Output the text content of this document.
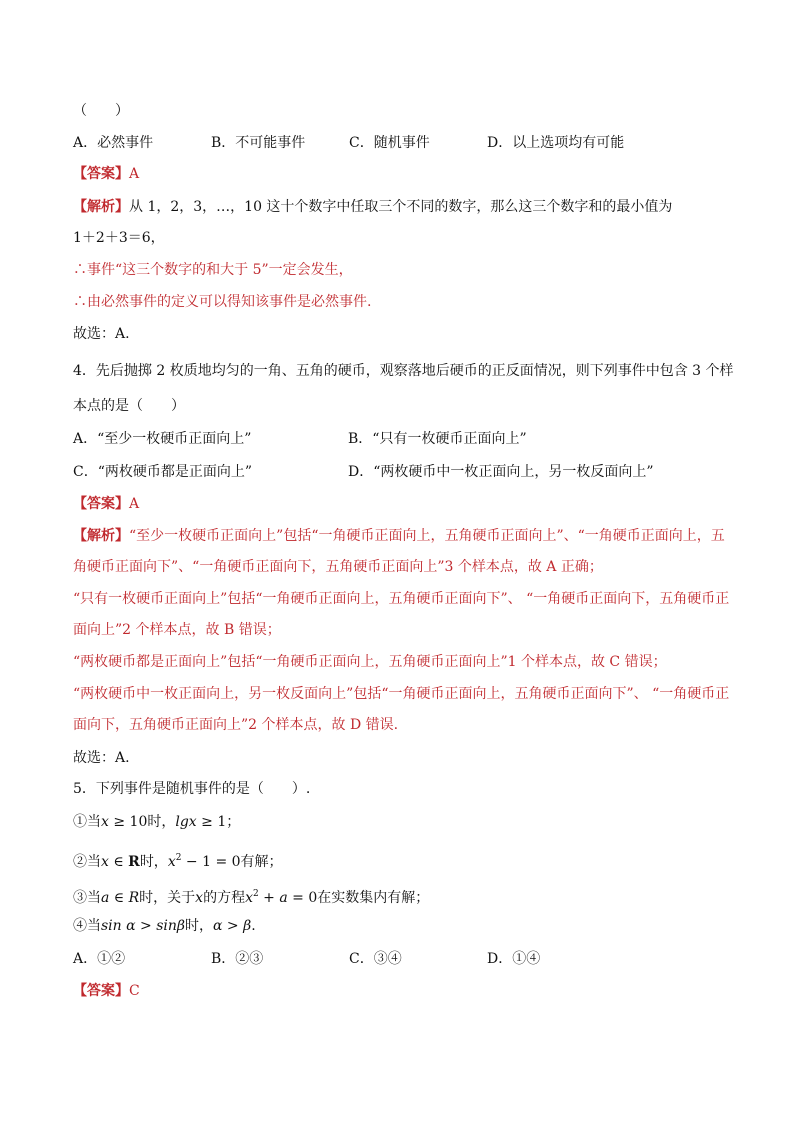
（　　）
A．必然事件	B．不可能事件	C．随机事件	D．以上选项均有可能
【答案】A
【解析】从 1，2，3，…，10 这十个数字中任取三个不同的数字，那么这三个数字和的最小值为
1＋2＋3＝6，
∴事件“这三个数字的和大于 5”一定会发生，
∴由必然事件的定义可以得知该事件是必然事件.
故选：A.
4．先后抛掷 2 枚质地均匀的一角、五角的硬币，观察落地后硬币的正反面情况，则下列事件中包含 3 个样
本点的是（　　）
A．“至少一枚硬币正面向上”	B．“只有一枚硬币正面向上”
C．“两枚硬币都是正面向上”	D．“两枚硬币中一枚正面向上，另一枚反面向上”
【答案】A
【解析】“至少一枚硬币正面向上”包括“一角硬币正面向上，五角硬币正面向上”、“一角硬币正面向上，五
角硬币正面向下”、“一角硬币正面向下，五角硬币正面向上”3 个样本点，故 A 正确；
“只有一枚硬币正面向上”包括“一角硬币正面向上，五角硬币正面向下”、 “一角硬币正面向下，五角硬币正
面向上”2 个样本点，故 B 错误；
“两枚硬币都是正面向上”包括“一角硬币正面向上，五角硬币正面向上”1 个样本点，故 C 错误；
“两枚硬币中一枚正面向上，另一枚反面向上”包括“一角硬币正面向上，五角硬币正面向下”、 “一角硬币正
面向下，五角硬币正面向上”2 个样本点，故 D 错误.
故选：A.
5．下列事件是随机事件的是（　　）.
①当x ≥ 10时，lgx ≥ 1；
②当x ∈ R时，$x^2 - 1 = 0$有解；
③当a ∈ R时，关于x的方程$x^2 + a = 0$在实数集内有解；
④当sin α > sinβ时，α > β.
A．①②	B．②③	C．③④	D．①④
【答案】C
